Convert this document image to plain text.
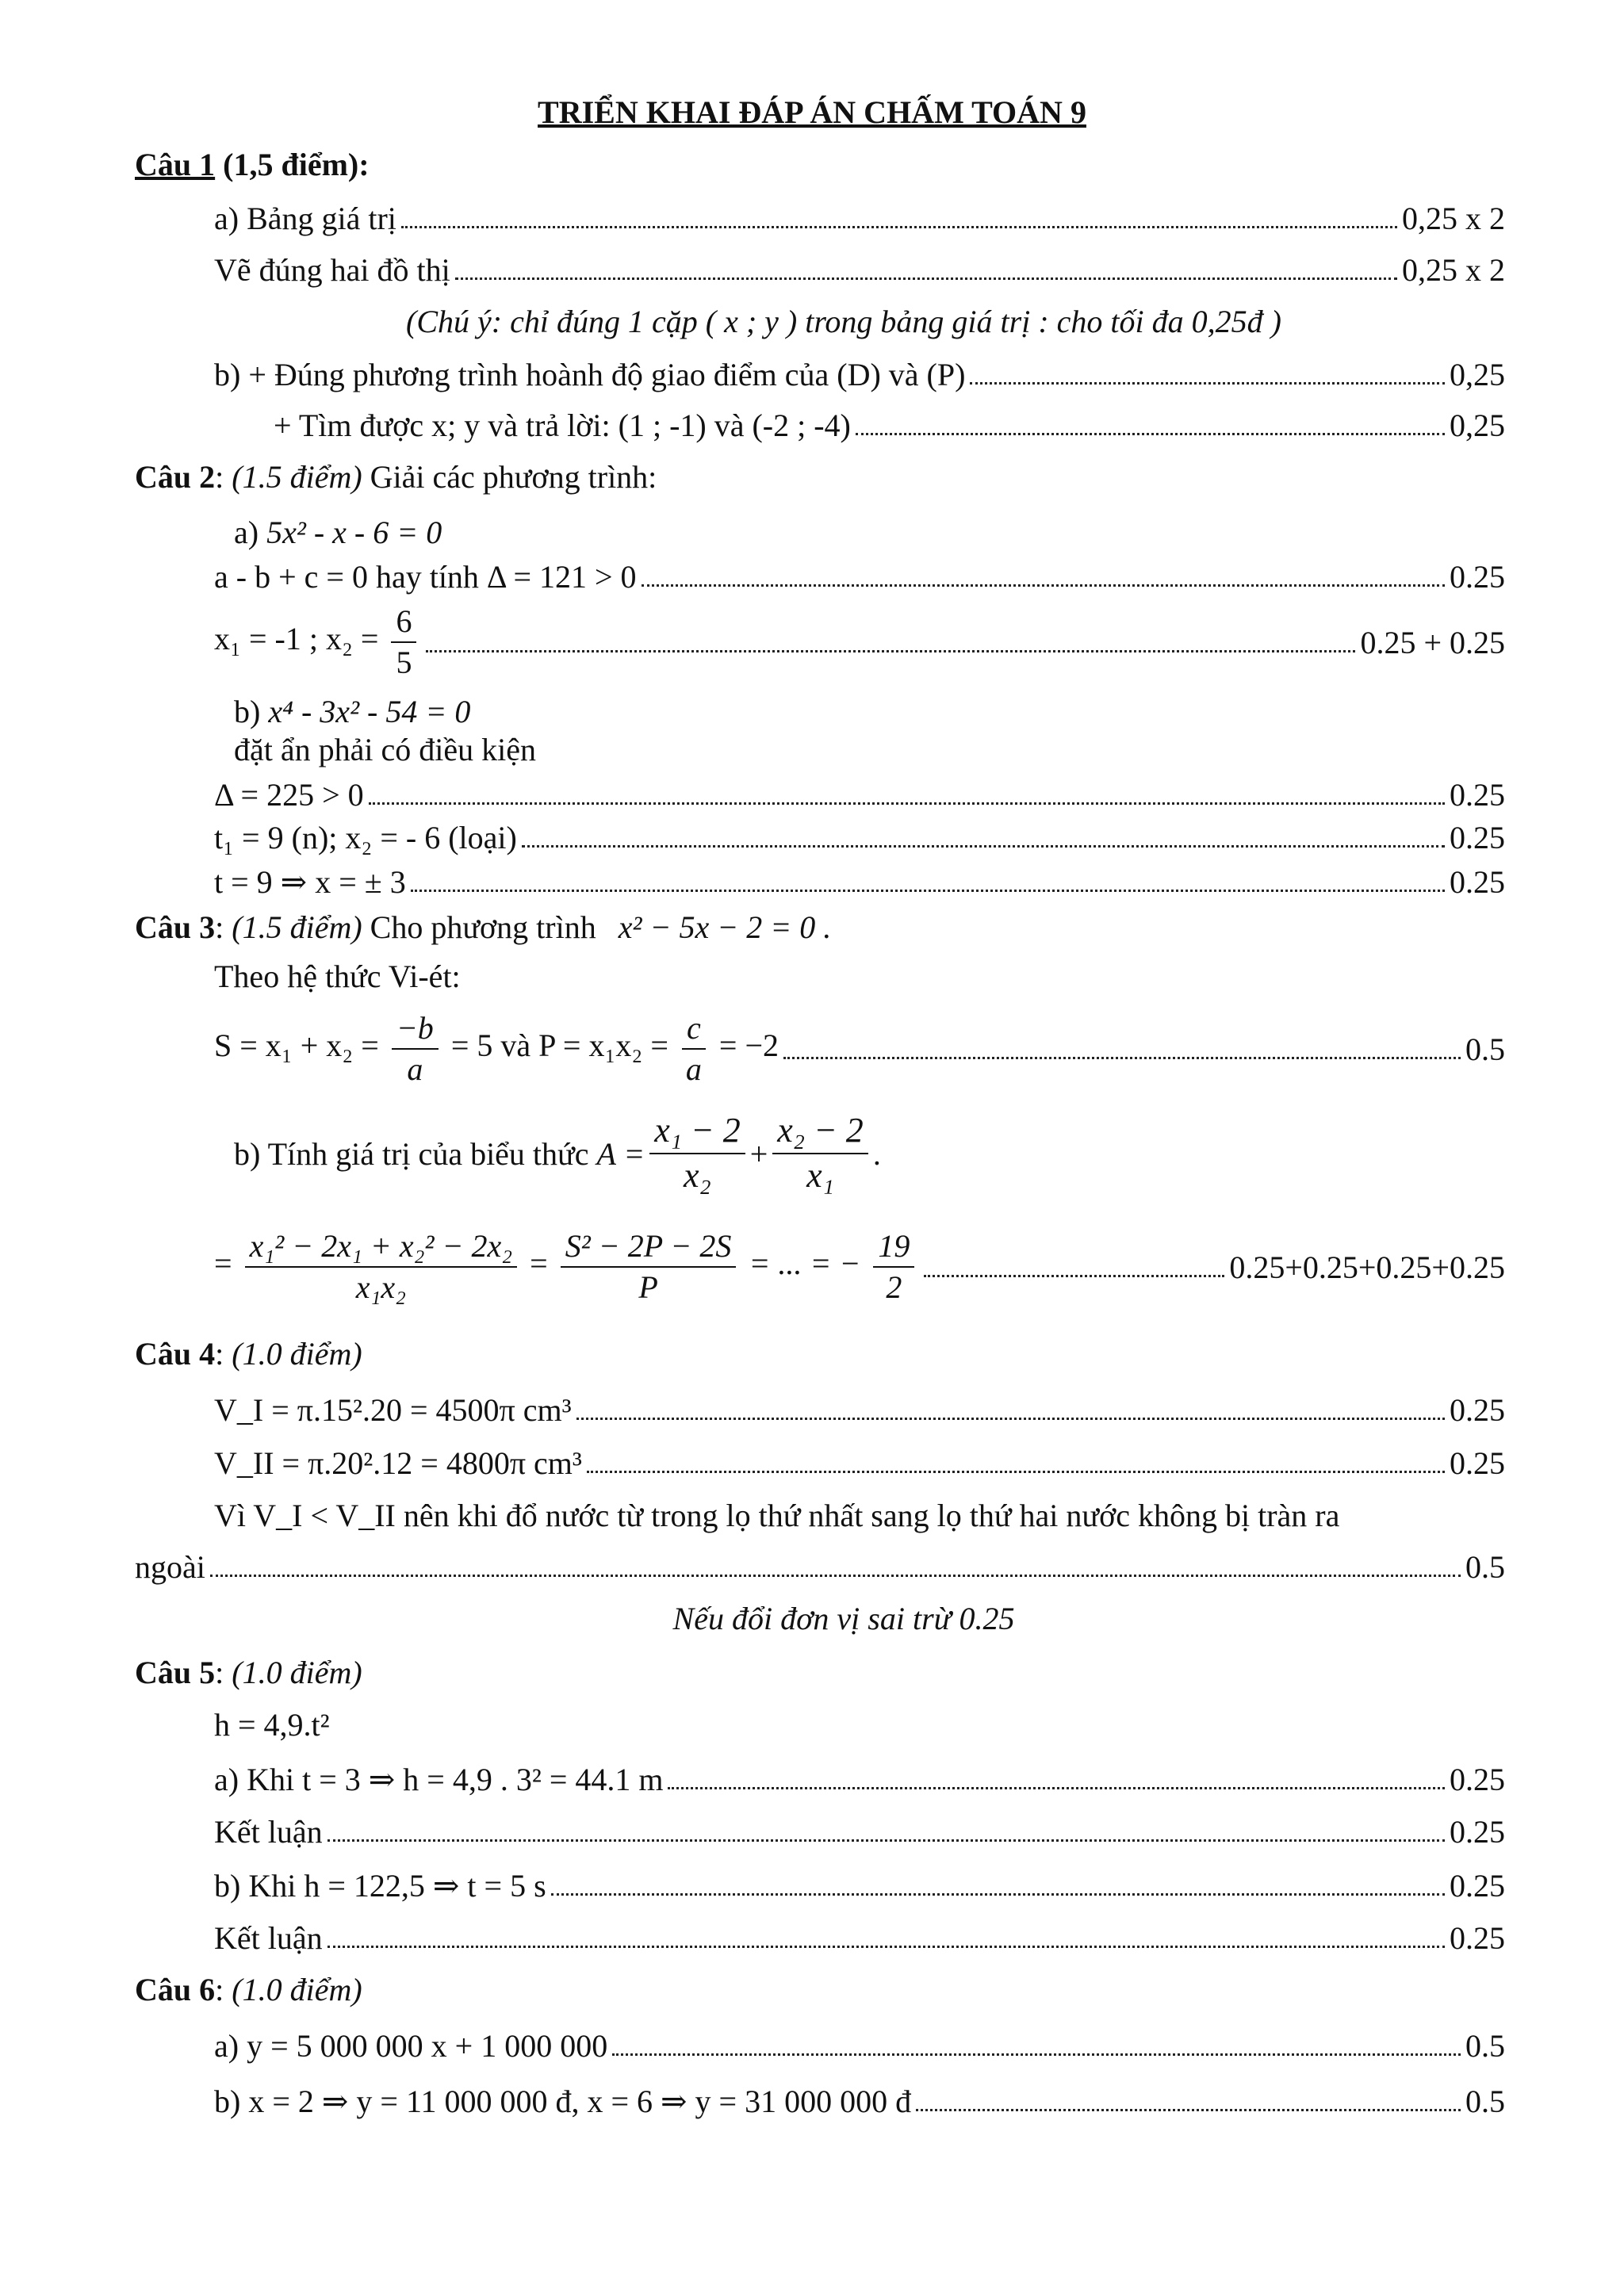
TRIỂN KHAI ĐÁP ÁN CHẤM TOÁN 9
Câu 1 (1,5 điểm):
a) Bảng giá trị	0,25 x 2
Vẽ đúng hai đồ thị	0,25 x 2
(Chú ý: chỉ đúng 1 cặp ( x ; y ) trong bảng giá trị : cho tối đa 0,25đ )
b) + Đúng phương trình hoành độ giao điểm của (D) và (P)	0,25
+ Tìm được x; y và trả lời: (1 ; -1) và (-2 ; -4)	0,25
Câu 2: (1.5 điểm) Giải các phương trình:
a) 5x² - x - 6 = 0
a - b + c = 0 hay tính Δ = 121 > 0	0.25
x₁ = -1 ; $x_2 = \frac{6}{5}$	0.25 + 0.25
b) x⁴ - 3x² - 54 = 0
đặt ẩn phải có điều kiện
Δ = 225 > 0	0.25
t₁ = 9 (n); x₂ = - 6 (loại)	0.25
t = 9 ⇒ x = ± 3	0.25
Câu 3: (1.5 điểm) Cho phương trình x² − 5x − 2 = 0 .
Theo hệ thức Vi-ét:
$S = x_1 + x_2 = \frac{-b}{a} = 5$ và $P = x_1x_2 = \frac{c}{a} = -2$	0.5
b) Tính giá trị của biểu thức $A = \frac{\text{x₁ − 2}}{\text{x₂}} + \frac{\text{x₂ − 2}}{\text{x₁}}$ .
= $\frac{\text{x₁² − 2x₁ + x₂² − 2x₂}}{\text{x₁x₂}} = \frac{\text{S² − 2P − 2S}}{P}$ = ... = − $\frac{19}{2}$	0.25+0.25+0.25+0.25
Câu 4: (1.0 điểm)
V_I = π.15².20 = 4500π cm³	0.25
V_II = π.20².12 = 4800π cm³	0.25
Vì V_I < V_II nên khi đổ nước từ trong lọ thứ nhất sang lọ thứ hai nước không bị tràn ra
ngoài	0.5
Nếu đổi đơn vị sai trừ 0.25
Câu 5: (1.0 điểm)
h = 4,9.t²
a) Khi t = 3 ⇒ h = 4,9 . 3² = 44.1 m	0.25
Kết luận	0.25
b) Khi h = 122,5 ⇒ t = 5 s	0.25
Kết luận	0.25
Câu 6: (1.0 điểm)
a) y = 5 000 000 x + 1 000 000	0.5
b) x = 2 ⇒ y = 11 000 000 đ, x = 6 ⇒ y = 31 000 000 đ	0.5
